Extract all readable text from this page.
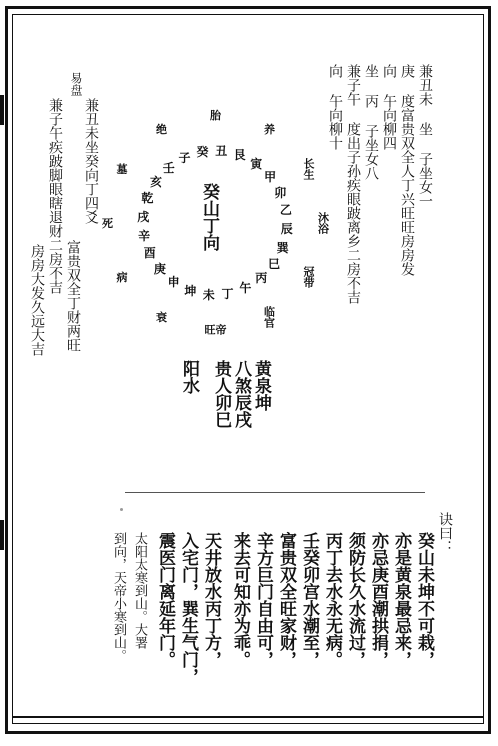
兼丑未 坐 子坐女一
庚 度富贵双全人丁兴旺旺房房发
向 午向柳四
坐 丙 子坐女八
兼子午 度出子孙疾眼跛离乡二房不吉
向 午向柳十
易盘
兼丑未坐癸向丁四爻
富贵双全丁财两旺
兼子午疾跛脚眼瞎退财二房不吉
房房大发久远大吉
癸山丁向
癸 丑 艮
寅
甲
卯
乙
辰
巽
巳
丙
午
丁
未
坤
申
庚
酉
辛
戌
乾
亥
壬
子
长生
沐浴
冠带
临官
帝旺
衰
病
死
墓
绝
胎
养
黄泉坤
八煞辰戌
贵人卯巳
阳水
诀曰：
癸山未坤不可栽，
亦是黄泉最忌来，
亦忌庚酉潮拱捐，
须防长久水流过，
丙丁去水永无病。
壬癸卯宫水潮至，
富贵双全旺家财，
辛方巨门自由可，
来去可知亦为乖。
天井放水丙丁方，
入宅门，巽生气门，
震医门离延年门。
太阳太寒到山。大署
到向，天帝小寒到山。
